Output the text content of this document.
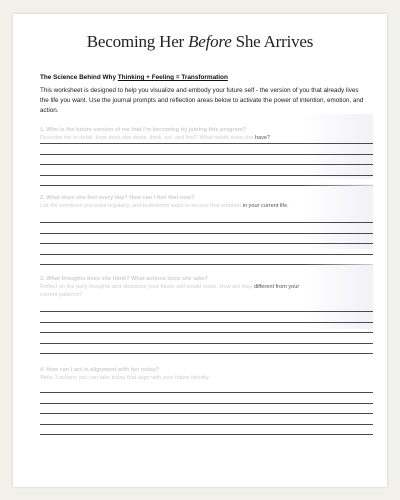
Becoming Her Before She Arrives
The Science Behind Why Thinking + Feeling = Transformation
This worksheet is designed to help you visualize and embody your future self - the version of you that already lives the life you want. Use the journal prompts and reflection areas below to activate the power of intention, emotion, and action.
1. Who is the future version of me that I'm becoming by joining this program?
Describe her in detail. How does she dress, think, act, and feel? What habits does she have?
2. What does she feel every day? How can I feel that now?
List the emotions you want regularly, and brainstorm ways to access that emotion in your current life.
3. What thoughts does she think? What actions does she take?
Reflect on the daily thoughts and decisions your future self would make. How are they different from your
current patterns?
4. How can I act in alignment with her today?
Write 3 actions you can take today that align with your future identity.
